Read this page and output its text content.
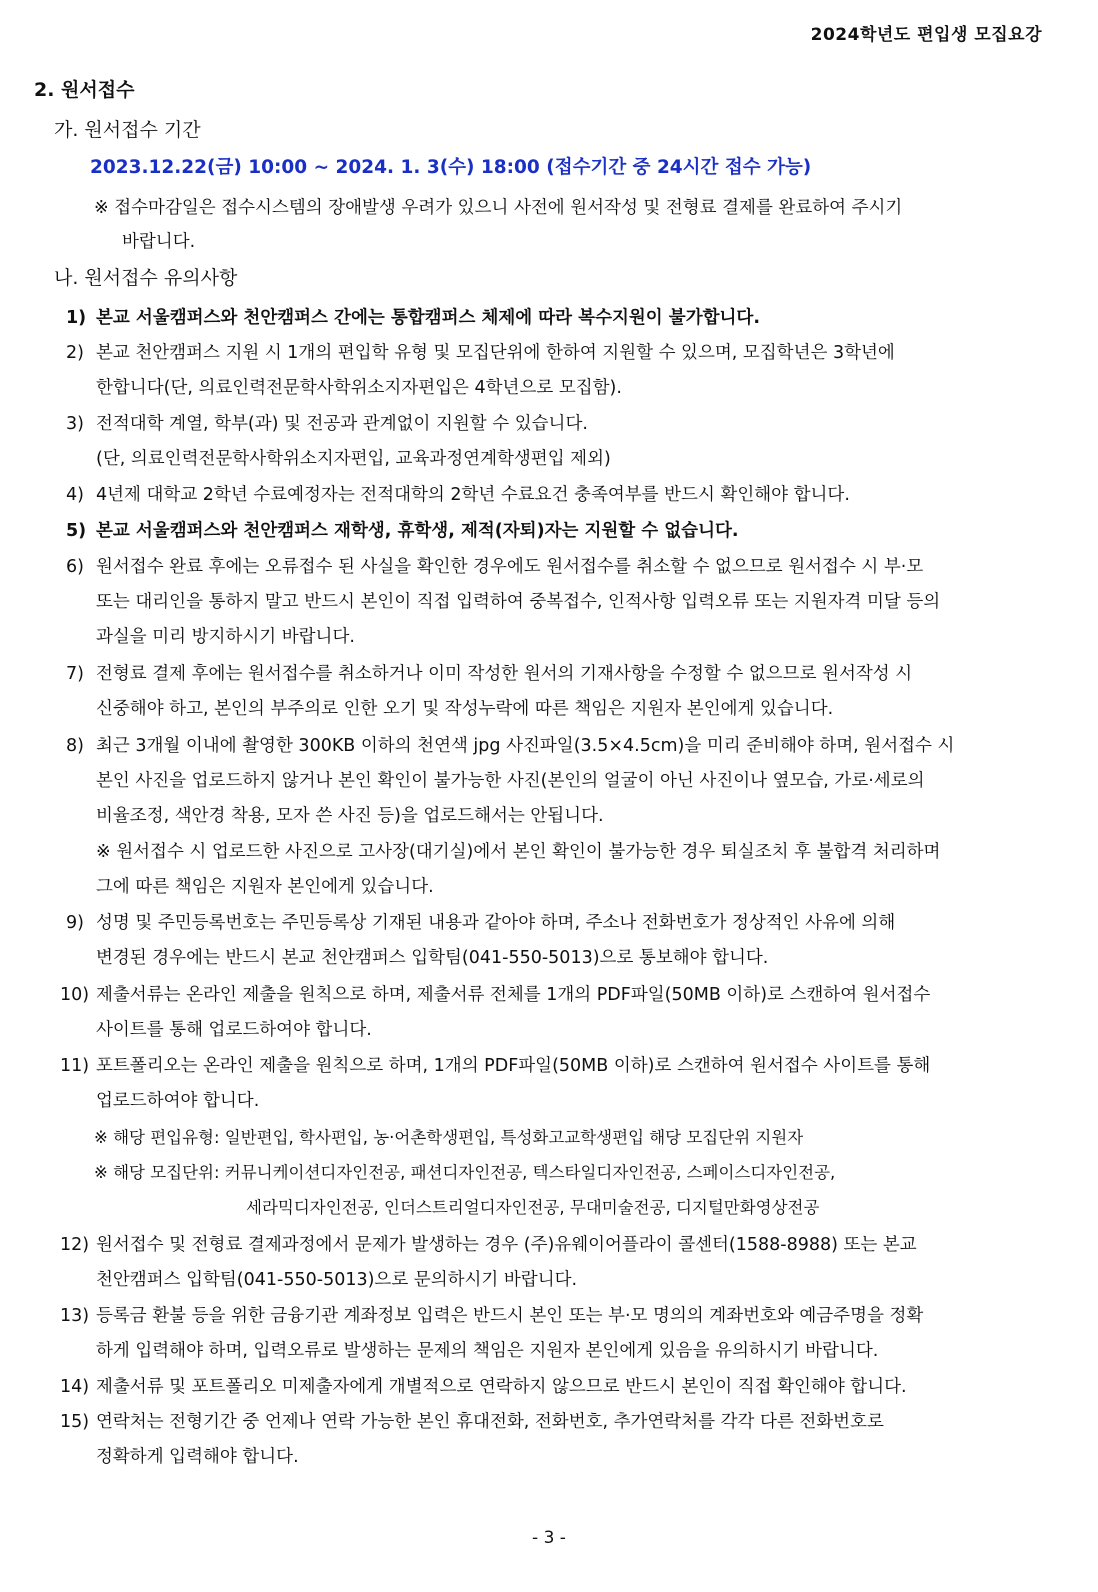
2024학년도 편입생 모집요강
2. 원서접수
가. 원서접수 기간
2023.12.22(금) 10:00 ~ 2024. 1. 3(수) 18:00 (접수기간 중 24시간 접수 가능)
※ 접수마감일은 접수시스템의 장애발생 우려가 있으니 사전에 원서작성 및 전형료 결제를 완료하여 주시기
바랍니다.
나. 원서접수 유의사항
1) 본교 서울캠퍼스와 천안캠퍼스 간에는 통합캠퍼스 체제에 따라 복수지원이 불가합니다.
2) 본교 천안캠퍼스 지원 시 1개의 편입학 유형 및 모집단위에 한하여 지원할 수 있으며, 모집학년은 3학년에
한합니다(단, 의료인력전문학사학위소지자편입은 4학년으로 모집함).
3) 전적대학 계열, 학부(과) 및 전공과 관계없이 지원할 수 있습니다.
(단, 의료인력전문학사학위소지자편입, 교육과정연계학생편입 제외)
4) 4년제 대학교 2학년 수료예정자는 전적대학의 2학년 수료요건 충족여부를 반드시 확인해야 합니다.
5) 본교 서울캠퍼스와 천안캠퍼스 재학생, 휴학생, 제적(자퇴)자는 지원할 수 없습니다.
6) 원서접수 완료 후에는 오류접수 된 사실을 확인한 경우에도 원서접수를 취소할 수 없으므로 원서접수 시 부·모
또는 대리인을 통하지 말고 반드시 본인이 직접 입력하여 중복접수, 인적사항 입력오류 또는 지원자격 미달 등의
과실을 미리 방지하시기 바랍니다.
7) 전형료 결제 후에는 원서접수를 취소하거나 이미 작성한 원서의 기재사항을 수정할 수 없으므로 원서작성 시
신중해야 하고, 본인의 부주의로 인한 오기 및 작성누락에 따른 책임은 지원자 본인에게 있습니다.
8) 최근 3개월 이내에 촬영한 300KB 이하의 천연색 jpg 사진파일(3.5×4.5cm)을 미리 준비해야 하며, 원서접수 시
본인 사진을 업로드하지 않거나 본인 확인이 불가능한 사진(본인의 얼굴이 아닌 사진이나 옆모습, 가로·세로의
비율조정, 색안경 착용, 모자 쓴 사진 등)을 업로드해서는 안됩니다.
※ 원서접수 시 업로드한 사진으로 고사장(대기실)에서 본인 확인이 불가능한 경우 퇴실조치 후 불합격 처리하며
그에 따른 책임은 지원자 본인에게 있습니다.
9) 성명 및 주민등록번호는 주민등록상 기재된 내용과 같아야 하며, 주소나 전화번호가 정상적인 사유에 의해
변경된 경우에는 반드시 본교 천안캠퍼스 입학팀(041-550-5013)으로 통보해야 합니다.
10) 제출서류는 온라인 제출을 원칙으로 하며, 제출서류 전체를 1개의 PDF파일(50MB 이하)로 스캔하여 원서접수
사이트를 통해 업로드하여야 합니다.
11) 포트폴리오는 온라인 제출을 원칙으로 하며, 1개의 PDF파일(50MB 이하)로 스캔하여 원서접수 사이트를 통해
업로드하여야 합니다.
※ 해당 편입유형: 일반편입, 학사편입, 농·어촌학생편입, 특성화고교학생편입 해당 모집단위 지원자
※ 해당 모집단위: 커뮤니케이션디자인전공, 패션디자인전공, 텍스타일디자인전공, 스페이스디자인전공,
세라믹디자인전공, 인더스트리얼디자인전공, 무대미술전공, 디지털만화영상전공
12) 원서접수 및 전형료 결제과정에서 문제가 발생하는 경우 (주)유웨이어플라이 콜센터(1588-8988) 또는 본교
천안캠퍼스 입학팀(041-550-5013)으로 문의하시기 바랍니다.
13) 등록금 환불 등을 위한 금융기관 계좌정보 입력은 반드시 본인 또는 부·모 명의의 계좌번호와 예금주명을 정확
하게 입력해야 하며, 입력오류로 발생하는 문제의 책임은 지원자 본인에게 있음을 유의하시기 바랍니다.
14) 제출서류 및 포트폴리오 미제출자에게 개별적으로 연락하지 않으므로 반드시 본인이 직접 확인해야 합니다.
15) 연락처는 전형기간 중 언제나 연락 가능한 본인 휴대전화, 전화번호, 추가연락처를 각각 다른 전화번호로
정확하게 입력해야 합니다.
- 3 -
